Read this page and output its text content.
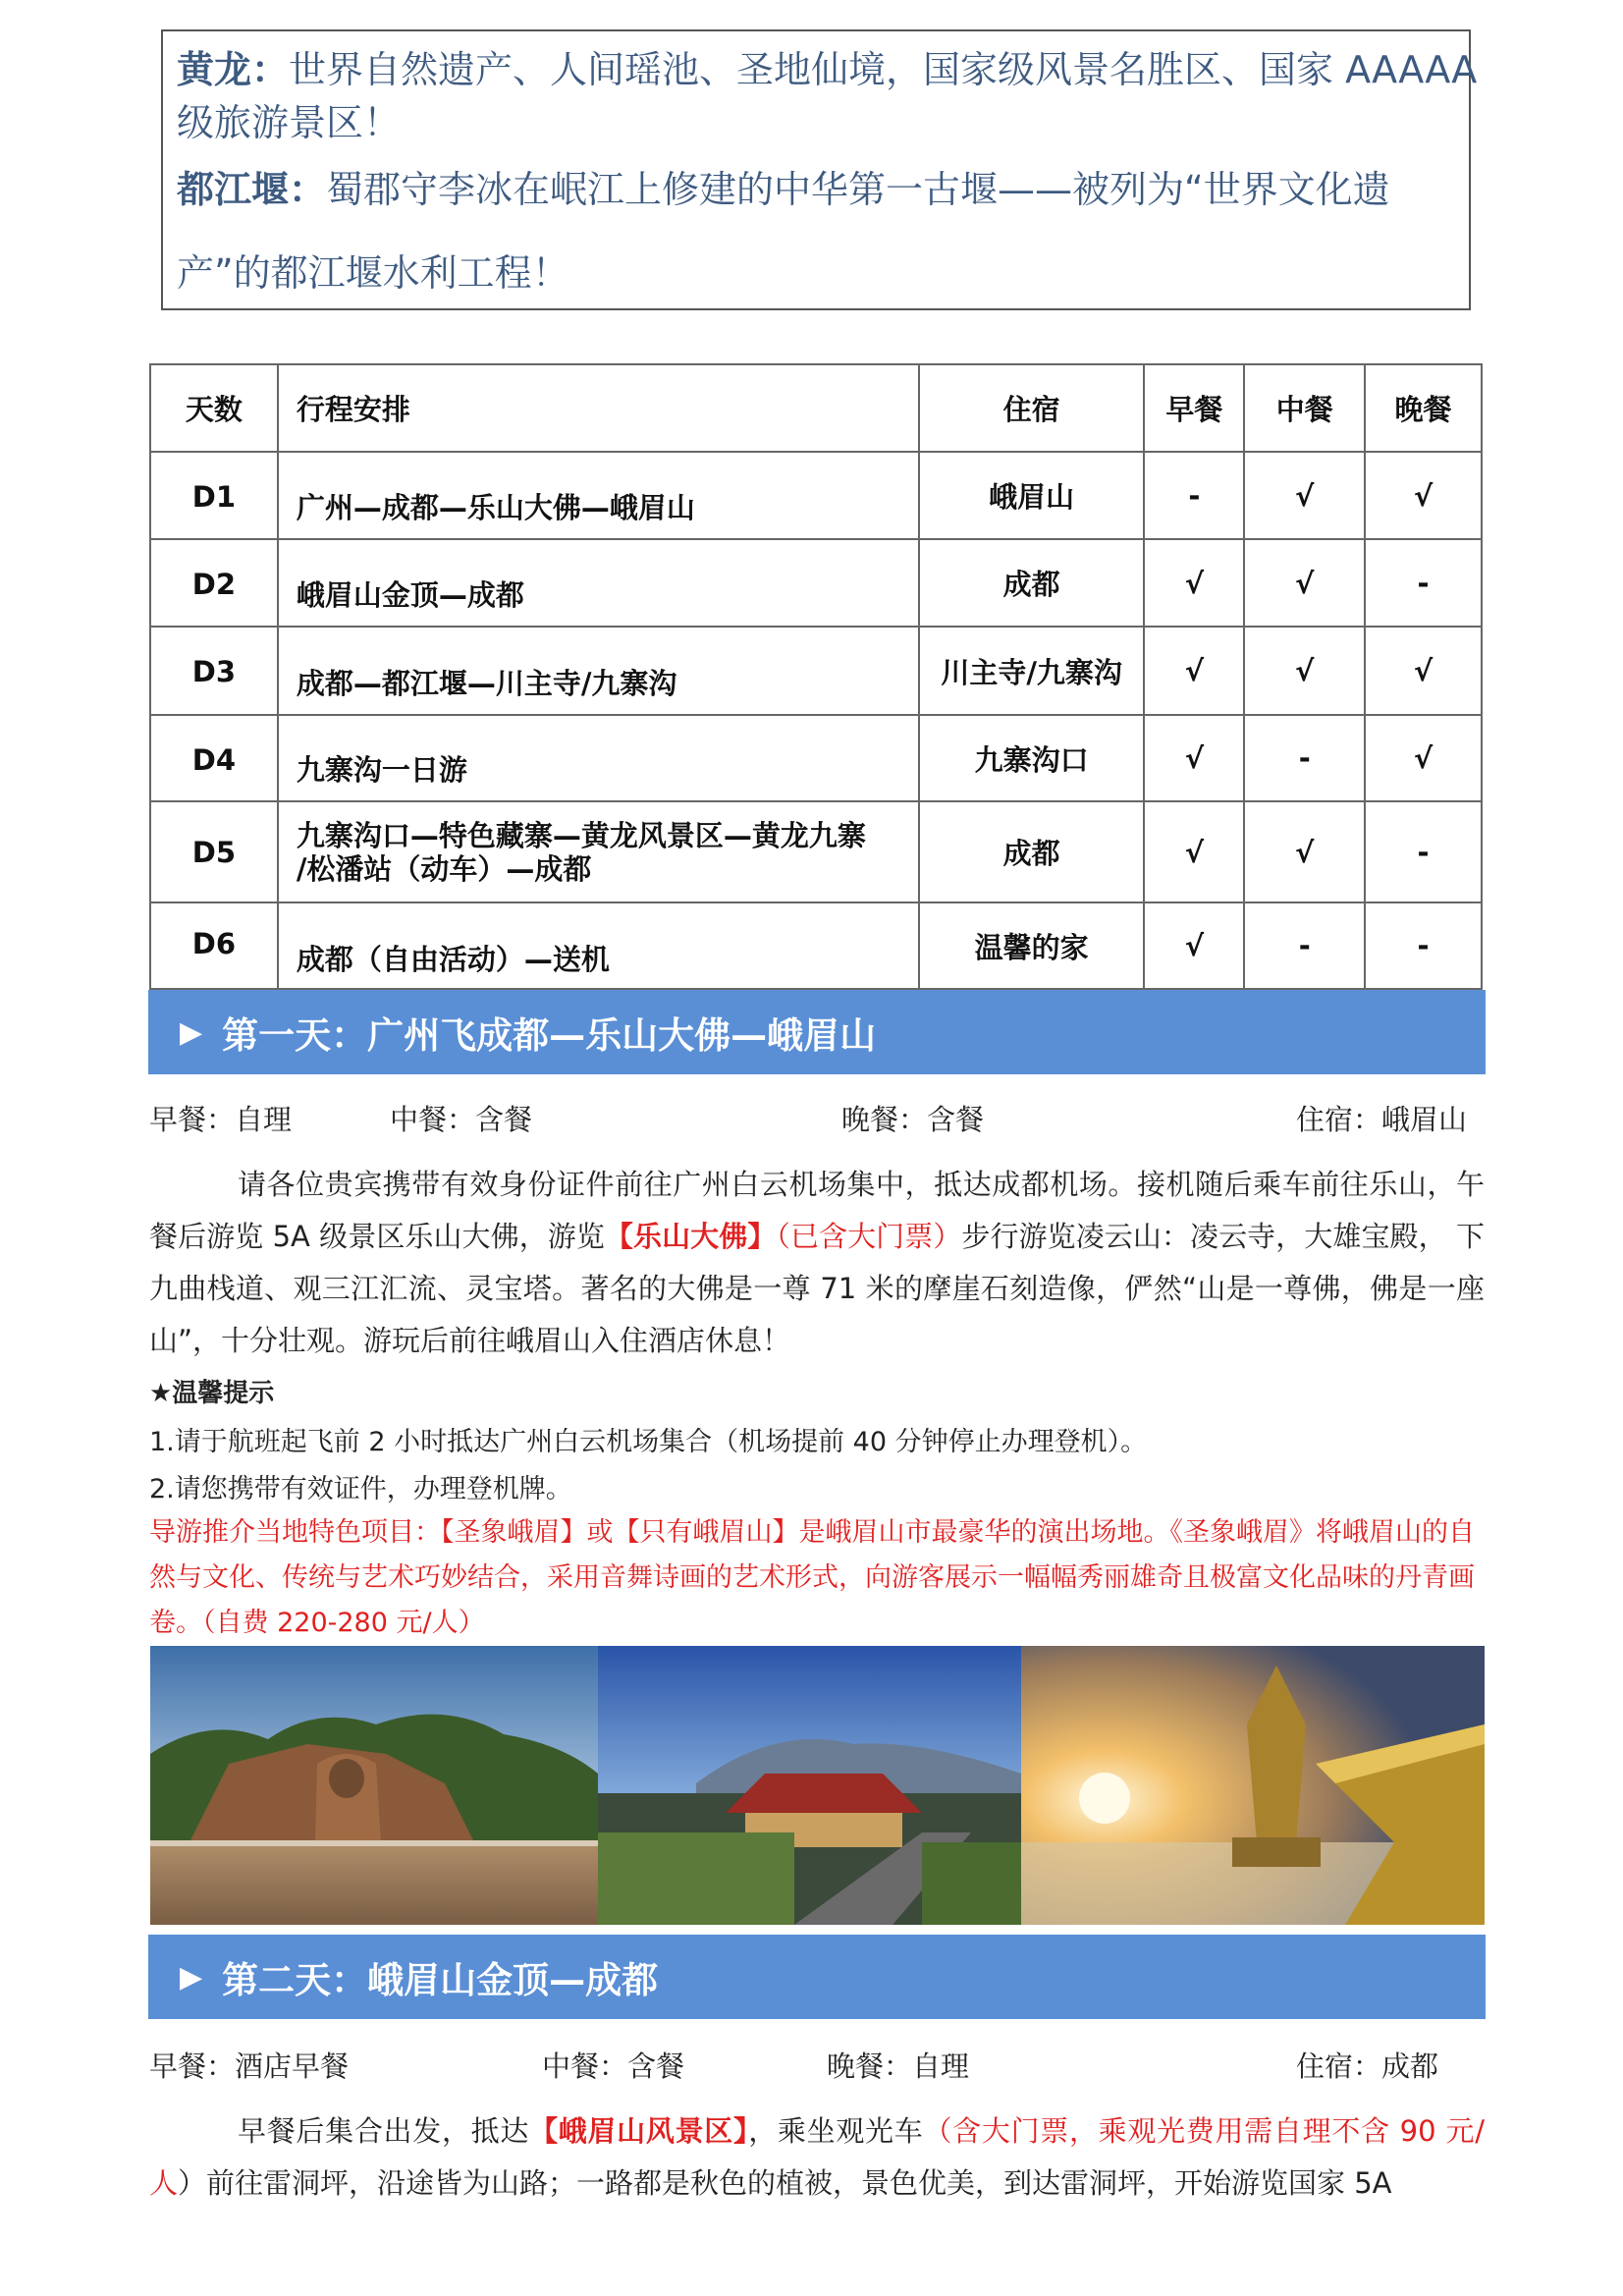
黄龙：世界自然遗产、人间瑶池、圣地仙境，国家级风景名胜区、国家 AAAAA
级旅游景区！
都江堰：蜀郡守李冰在岷江上修建的中华第一古堰——被列为“世界文化遗
产”的都江堰水利工程！
天数	行程安排	住宿	早餐	中餐	晚餐
D1	广州—成都—乐山大佛—峨眉山	峨眉山	-	√	√
D2	峨眉山金顶—成都	成都	√	√	-
D3	成都—都江堰—川主寺/九寨沟	川主寺/九寨沟	√	√	√
D4	九寨沟一日游	九寨沟口	√	-	√
D5	九寨沟口—特色藏寨—黄龙风景区—黄龙九寨
/松潘站（动车）—成都	成都	√	√	-
D6	成都（自由活动）—送机	温馨的家	√	-	-
▶ 第一天：广州飞成都—乐山大佛—峨眉山
早餐：自理	中餐：含餐	晚餐：含餐	住宿：峨眉山
请各位贵宾携带有效身份证件前往广州白云机场集中，抵达成都机场。接机随后乘车前往乐山，午餐后游览 5A 级景区乐山大佛，游览【乐山大佛】（已含大门票）步行游览凌云山：凌云寺，大雄宝殿， 下九曲栈道、观三江汇流、灵宝塔。著名的大佛是一尊 71 米的摩崖石刻造像，俨然“山是一尊佛，佛是一座山”，十分壮观。游玩后前往峨眉山入住酒店休息！
★温馨提示
1.请于航班起飞前 2 小时抵达广州白云机场集合（机场提前 40 分钟停止办理登机）。
2.请您携带有效证件，办理登机牌。
导游推介当地特色项目：【圣象峨眉】或【只有峨眉山】是峨眉山市最豪华的演出场地。《圣象峨眉》将峨眉山的自然与文化、传统与艺术巧妙结合，采用音舞诗画的艺术形式，向游客展示一幅幅秀丽雄奇且极富文化品味的丹青画卷。（自费 220-280 元/人）
▶ 第二天：峨眉山金顶—成都
早餐：酒店早餐	中餐：含餐	晚餐：自理	住宿：成都
早餐后集合出发，抵达【峨眉山风景区】，乘坐观光车（含大门票，乘观光费用需自理不含 90 元/人）前往雷洞坪，沿途皆为山路；一路都是秋色的植被，景色优美，到达雷洞坪，开始游览国家 5A
